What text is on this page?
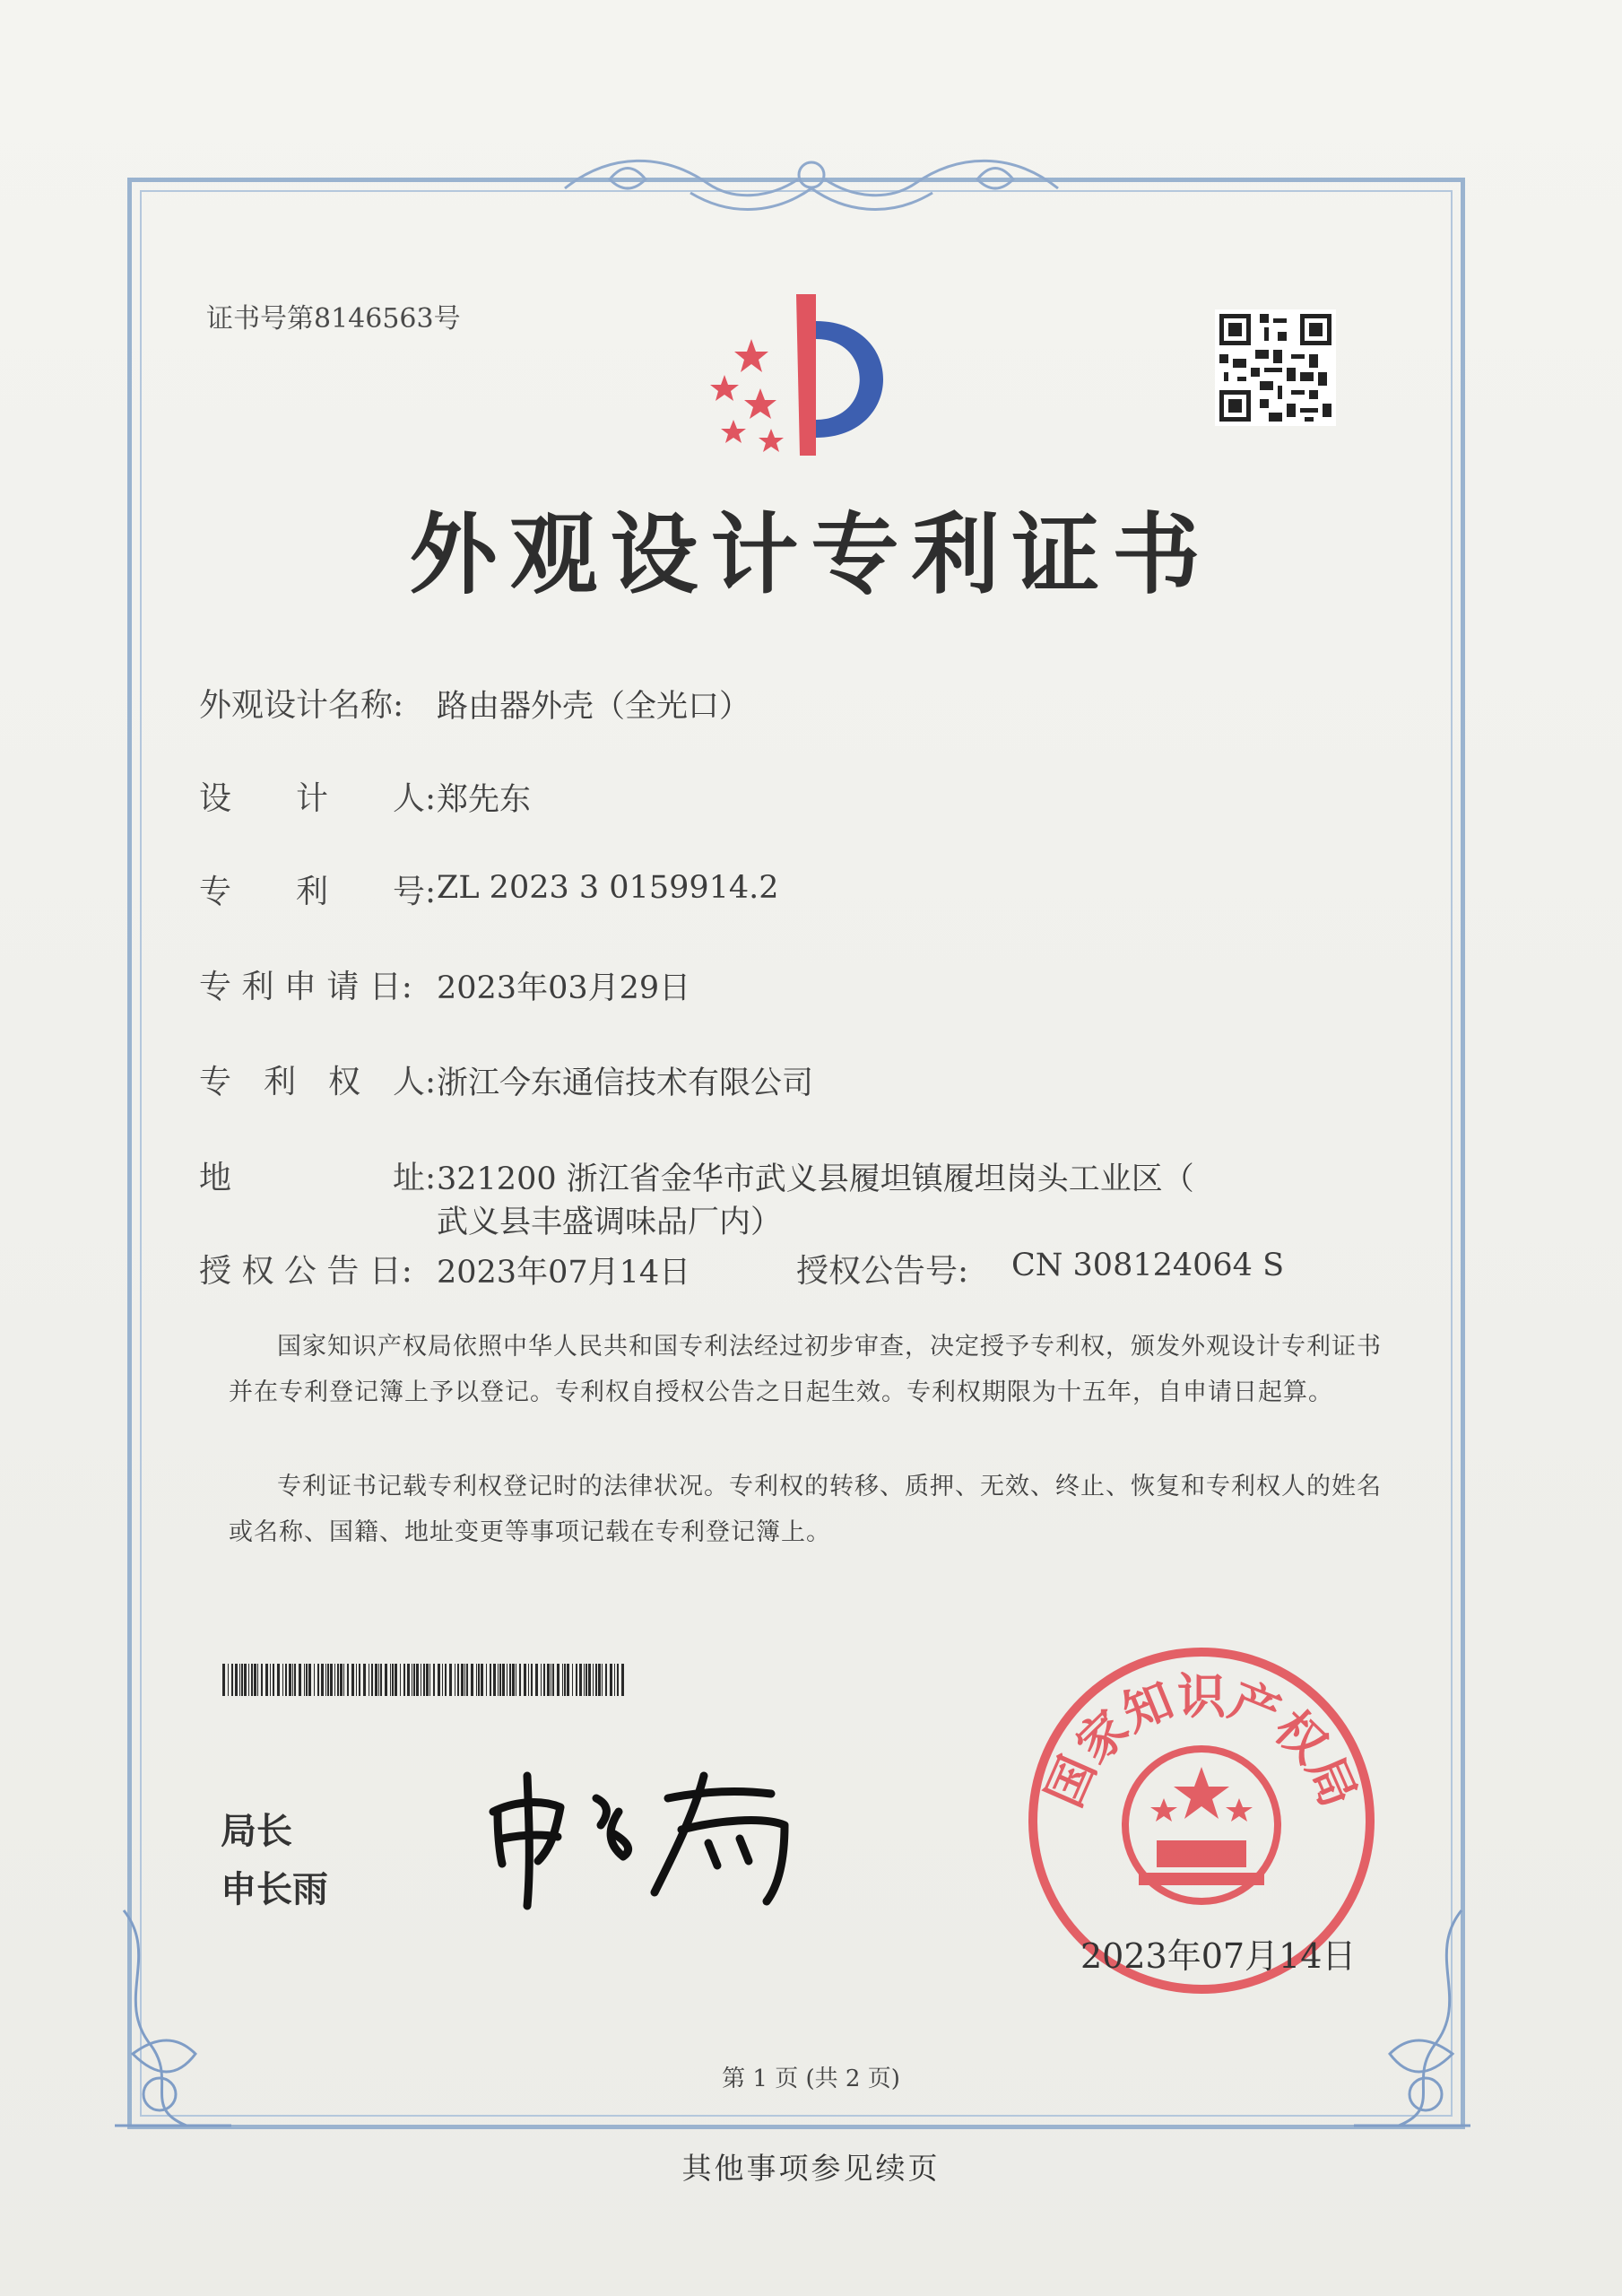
证书号第8146563号
外观设计专利证书
外观设计名称: 路由器外壳（全光口）
设　　计　　人: 郑先东
专　　利　　号: ZL 2023 3 0159914.2
专 利 申 请 日: 2023年03月29日
专　利　权　人: 浙江今东通信技术有限公司
地　　　　　址: 321200 浙江省金华市武义县履坦镇履坦岗头工业区（
武义县丰盛调味品厂内）
授 权 公 告 日: 2023年07月14日	授权公告号: CN 308124064 S
国家知识产权局依照中华人民共和国专利法经过初步审查，决定授予专利权，颁发外观设计专利证书并在专利登记簿上予以登记。专利权自授权公告之日起生效。专利权期限为十五年，自申请日起算。
专利证书记载专利权登记时的法律状况。专利权的转移、质押、无效、终止、恢复和专利权人的姓名或名称、国籍、地址变更等事项记载在专利登记簿上。
局长
申长雨
国家知识产权局
2023年07月14日
第 1 页 (共 2 页)
其他事项参见续页
